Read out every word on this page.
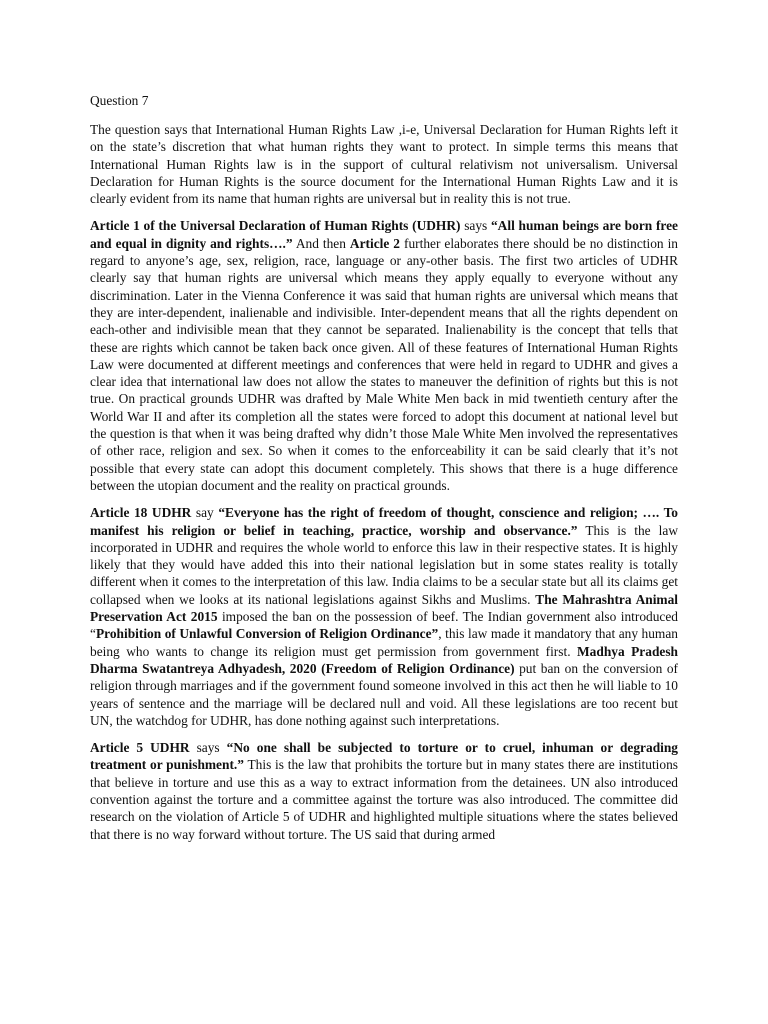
Question 7

The question says that International Human Rights Law ,i-e, Universal Declaration for Human Rights left it on the state’s discretion that what human rights they want to protect. In simple terms this means that International Human Rights law is in the support of cultural relativism not universalism. Universal Declaration for Human Rights is the source document for the International Human Rights Law and it is clearly evident from its name that human rights are universal but in reality this is not true.

Article 1 of the Universal Declaration of Human Rights (UDHR) says “All human beings are born free and equal in dignity and rights….” And then Article 2 further elaborates there should be no distinction in regard to anyone’s age, sex, religion, race, language or any-other basis. The first two articles of UDHR clearly say that human rights are universal which means they apply equally to everyone without any discrimination. Later in the Vienna Conference it was said that human rights are universal which means that they are inter-dependent, inalienable and indivisible. Inter-dependent means that all the rights dependent on each-other and indivisible mean that they cannot be separated. Inalienability is the concept that tells that these are rights which cannot be taken back once given. All of these features of International Human Rights Law were documented at different meetings and conferences that were held in regard to UDHR and gives a clear idea that international law does not allow the states to maneuver the definition of rights but this is not true. On practical grounds UDHR was drafted by Male White Men back in mid twentieth century after the World War II and after its completion all the states were forced to adopt this document at national level but the question is that when it was being drafted why didn’t those Male White Men involved the representatives of other race, religion and sex. So when it comes to the enforceability it can be said clearly that it’s not possible that every state can adopt this document completely. This shows that there is a huge difference between the utopian document and the reality on practical grounds.

Article 18 UDHR say “Everyone has the right of freedom of thought, conscience and religion; …. To manifest his religion or belief in teaching, practice, worship and observance.” This is the law incorporated in UDHR and requires the whole world to enforce this law in their respective states. It is highly likely that they would have added this into their national legislation but in some states reality is totally different when it comes to the interpretation of this law. India claims to be a secular state but all its claims get collapsed when we looks at its national legislations against Sikhs and Muslims. The Mahrashtra Animal Preservation Act 2015 imposed the ban on the possession of beef. The Indian government also introduced “Prohibition of Unlawful Conversion of Religion Ordinance”, this law made it mandatory that any human being who wants to change its religion must get permission from government first. Madhya Pradesh Dharma Swatantreya Adhyadesh, 2020 (Freedom of Religion Ordinance) put ban on the conversion of religion through marriages and if the government found someone involved in this act then he will liable to 10 years of sentence and the marriage will be declared null and void. All these legislations are too recent but UN, the watchdog for UDHR, has done nothing against such interpretations.

Article 5 UDHR says “No one shall be subjected to torture or to cruel, inhuman or degrading treatment or punishment.” This is the law that prohibits the torture but in many states there are institutions that believe in torture and use this as a way to extract information from the detainees. UN also introduced convention against the torture and a committee against the torture was also introduced. The committee did research on the violation of Article 5 of UDHR and highlighted multiple situations where the states believed that there is no way forward without torture. The US said that during armed
